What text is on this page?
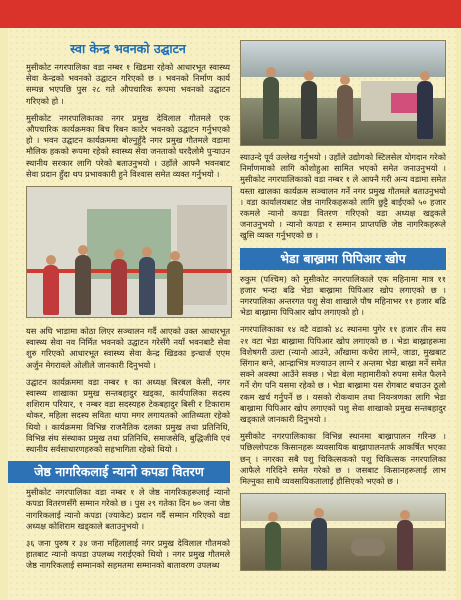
स्वा केन्द्र भवनको उद्घाटन

मुसीकोट नगरपालिका वडा नम्बर १ खिडमा रहेको आधारभूत स्वास्थ्य सेवा केन्द्रको भवनको उद्घाटन गरिएको छ । भवनको निर्माण कार्य सम्पन्न भएपछि पुस २८ गते औपचारिक रूपमा भवनको उद्घाटन गरिएको हो ।

मुसीकोट नगरपालिकाका नगर प्रमुख देविलाल गौतमले एक औपचारिक कार्यक्रमका बिच रिबन काटेर भवनको उद्घाटन गर्नुभएको हो । भवन उद्घाटन कार्यक्रममा बोल्नुहुँदै नगर प्रमुख गौतमले वडामा मौलिक हकको रूपमा रहेको स्वास्थ्य सेवा जनताको घरदैलोमै पुर्‍याउन स्थानीय सरकार लागि परेको बताउनुभयो । उहाँले आफ्नै भवनबाट सेवा प्रदान हुँदा थप प्रभावकारी हुने विश्वास समेत व्यक्त गर्नुभयो ।

यस अघि भाडामा कोठा लिएर सञ्चालन गर्दै आएको उक्त आधारभूत स्वास्थ्य सेवा नव निर्मित भवनको उद्घाटन गरेसँगै नयाँ भवनबाटै सेवा शुरु गरिएको आधारभूत स्वास्थ्य सेवा केन्द्र खिडका इन्चार्ज एएम अर्जुन मेगरावले ओलीले जानकारी दिनुभयो ।

उद्घाटन कार्यक्रममा वडा नम्बर १ का अध्यक्ष बिरबल केसी, नगर स्वास्थ्य शाखाका प्रमुख सन्तबहादुर खड्का, कार्यपालिका सदस्य शशिराम परियार, १ नम्बर वडा सदस्यहरु टेकबहादुर बिसी र टिकाराम थोकर, महिला सदस्य सविता थापा मगर लगायतको आतिथ्यता रहेको थियो । कार्यक्रममा विभिन्न राजनैतिक दलका प्रमुख तथा प्रतिनिधि, विभिन्न संघ संस्थाका प्रमुख तथा प्रतिनिधि, समाजसेवि, बुद्धिजीवि एवं स्थानीय सर्वसाधारणहरुको सहभागिता रहेको थियो ।

जेष्ठ नागरिकलाई न्यानो कपडा वितरण

मुसीकोट नगरपालिका वडा नम्बर १ ले जेष्ठ नागरिकहरूलाई न्यानो कपडा वितरणसँगै सम्मान गरेको छ । पुस २९ गतेका दिन ७० जना जेष्ठ नागरिकलाई न्यानो कपडा (ज्याकेट) प्रदान गर्दै सम्मान गरिएको वडा अध्यक्ष कोशिराम खड्काले बताउनुभयो ।

३६ जना पुरुष र ३४ जना महिलालाई नगर प्रमुख देविलाल गौतमको हातबाट न्यानो कपडा उपलब्ध गराईएको थियो । नगर प्रमुख गौतमले जेष्ठ नागरिकलाई सम्मानको सहमतमा सम्मानको बातावरण उपलब्ध

स्याउन्दे पूर्व उल्लेख गर्नुभयो । उहाँले उद्योगको स्टिलसेल योगदान गरेको निर्माणमाको लागि कोशोहुआ सामित भएको समेत जनाउनुभयो । मुसीकोट नगरपालिकाको वडा नम्बर १ ले आफ्नै गरी अन्य वडामा समेत यस्ता खालका कार्यक्रम सञ्चालन गर्ने नगर प्रमुख गौतमले बताउनुभयो । वडा कार्यालयबाट जेष्ठ नागरिकहरूको लागि छुट्टै बाईएको ५० हजार रकमले न्यानो कपडा वितरण गरिएको वडा अध्यक्ष खड्कले जनाउनुभयो । न्यानो कपडा र सम्मान प्राप्तपछि जेष्ठ नागरिकहरूले खुसि व्यक्त गर्नुभएको छ ।

भेडा बाख्रामा पिपिआर खोप

रुकुम (पश्चिम) को मुसीकोट नगरपालिकाले एक महिनामा मात्र ११ हजार भन्दा बढि भेडा बाख्रामा पिपिआर खोप लगाएको छ । नगरपालिका अन्तरगत पशु सेवा शाखाले पौष महिनाभर ११ हजार बढि भेडा बाख्रामा पिपिआर खोप लगाएको हो ।

नगरपालिकाका १४ वटै वडाको ४८ स्थानमा पुगेर ११ हजार तीन सय २१ वटा भेडा बाख्रामा पिपिआर खोप लगाएको छ । भेडा बाख्राहरूमा विशेषगरी उल्टा (न्यानो आउने, आँखामा कचेरा लाग्ने, जाडा, मुखबाट सिंगान बग्ने, आन्द्राभित्र मज्याउन लाग्ने र अन्तमा भेडा बाख्रा मर्ने समेत सक्ने अवस्था आउँने सक्छ । भेडा बेला महामारीको रुपमा समेत फैलने गर्ने रोग पनि यसमा रहेको छ । भेडा बाख्रामा यस रोगबाट बचाउन ठूलो रकम खर्च गर्नुपर्ने छ । यसको रोकथाम तथा नियन्त्रणका लागि भेडा बाख्रामा पिपिआर खोप लगाएको पशु सेवा शाखाको प्रमुख सन्तबहादुर खड्काले जानकारी दिनुभयो ।

मुसीकोट नगरपालिकाका विभिन्न स्थानमा बाख्रापालन गरिन्छ । पछिल्लोपटक किसानहरू व्यवसायिक बाख्रापालनतर्फ आकर्षित भएका छन् । नगरका सबै पशु चिकित्सकको पशु चिकित्सक नगरपालिका आफैले गरिदिने समेत गरेको छ । जसबाट किसानहरूलाई लाभ मिल्नुका साथै व्यवसायिकतालाई हौसिएको भएको छ ।
